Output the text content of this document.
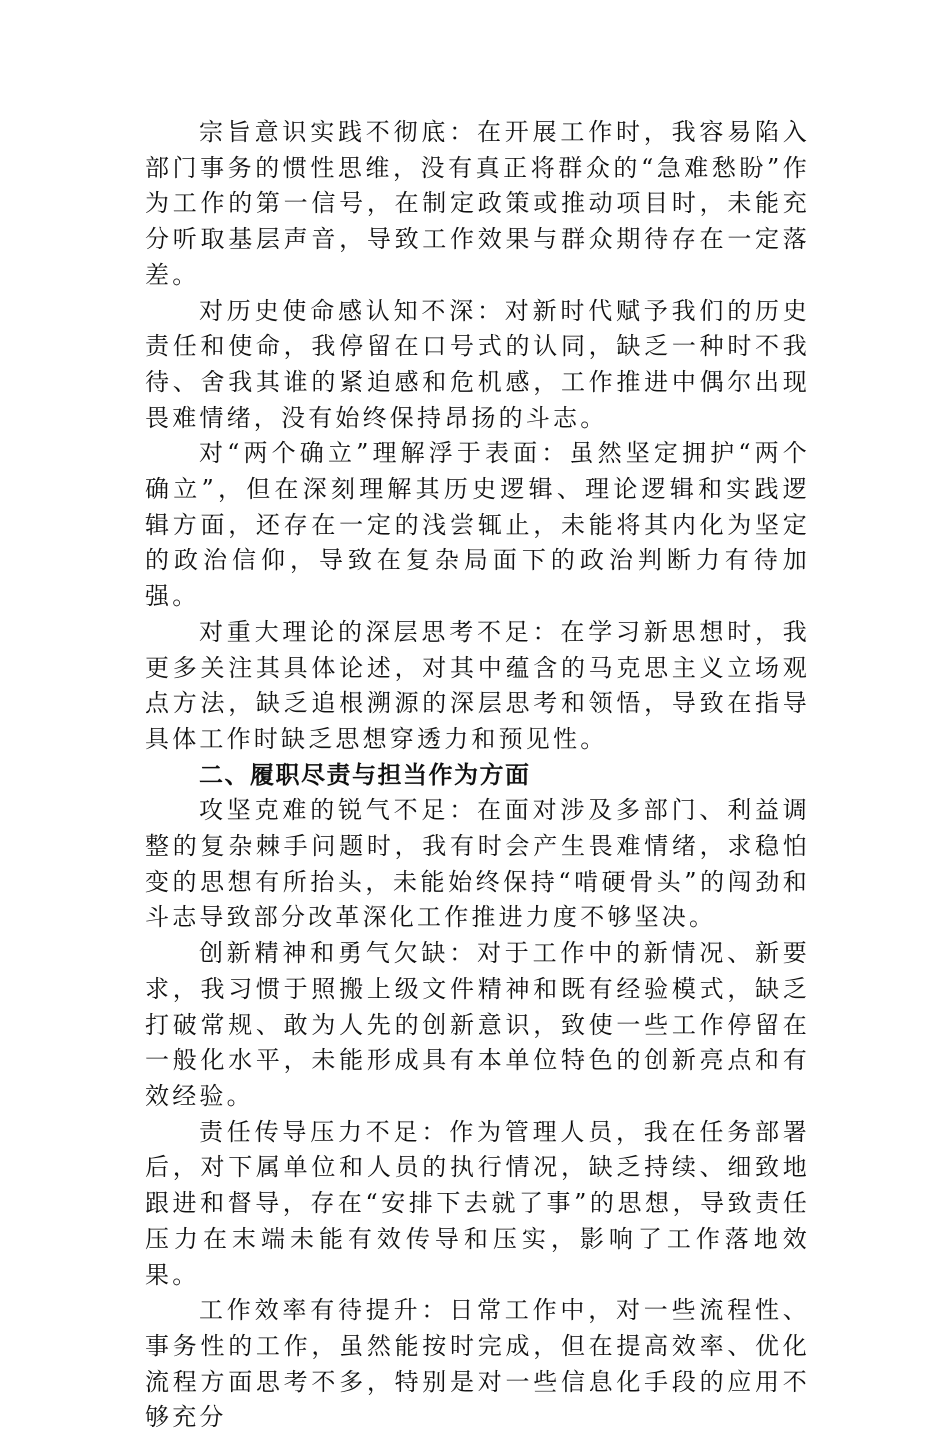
宗旨意识实践不彻底：在开展工作时，我容易陷入部门事务的惯性思维，没有真正将群众的“急难愁盼”作为工作的第一信号，在制定政策或推动项目时，未能充分听取基层声音，导致工作效果与群众期待存在一定落差。

对历史使命感认知不深：对新时代赋予我们的历史责任和使命，我停留在口号式的认同，缺乏一种时不我待、舍我其谁的紧迫感和危机感，工作推进中偶尔出现畏难情绪，没有始终保持昂扬的斗志。

对“两个确立”理解浮于表面：虽然坚定拥护“两个确立”，但在深刻理解其历史逻辑、理论逻辑和实践逻辑方面，还存在一定的浅尝辄止，未能将其内化为坚定的政治信仰，导致在复杂局面下的政治判断力有待加强。

对重大理论的深层思考不足：在学习新思想时，我更多关注其具体论述，对其中蕴含的马克思主义立场观点方法，缺乏追根溯源的深层思考和领悟，导致在指导具体工作时缺乏思想穿透力和预见性。

二、履职尽责与担当作为方面

攻坚克难的锐气不足：在面对涉及多部门、利益调整的复杂棘手问题时，我有时会产生畏难情绪，求稳怕变的思想有所抬头，未能始终保持“啃硬骨头”的闯劲和斗志导致部分改革深化工作推进力度不够坚决。

创新精神和勇气欠缺：对于工作中的新情况、新要求，我习惯于照搬上级文件精神和既有经验模式，缺乏打破常规、敢为人先的创新意识，致使一些工作停留在一般化水平，未能形成具有本单位特色的创新亮点和有效经验。

责任传导压力不足：作为管理人员，我在任务部署后，对下属单位和人员的执行情况，缺乏持续、细致地跟进和督导，存在“安排下去就了事”的思想，导致责任压力在末端未能有效传导和压实，影响了工作落地效果。

工作效率有待提升：日常工作中，对一些流程性、事务性的工作，虽然能按时完成，但在提高效率、优化流程方面思考不多，特别是对一些信息化手段的应用不够充分
